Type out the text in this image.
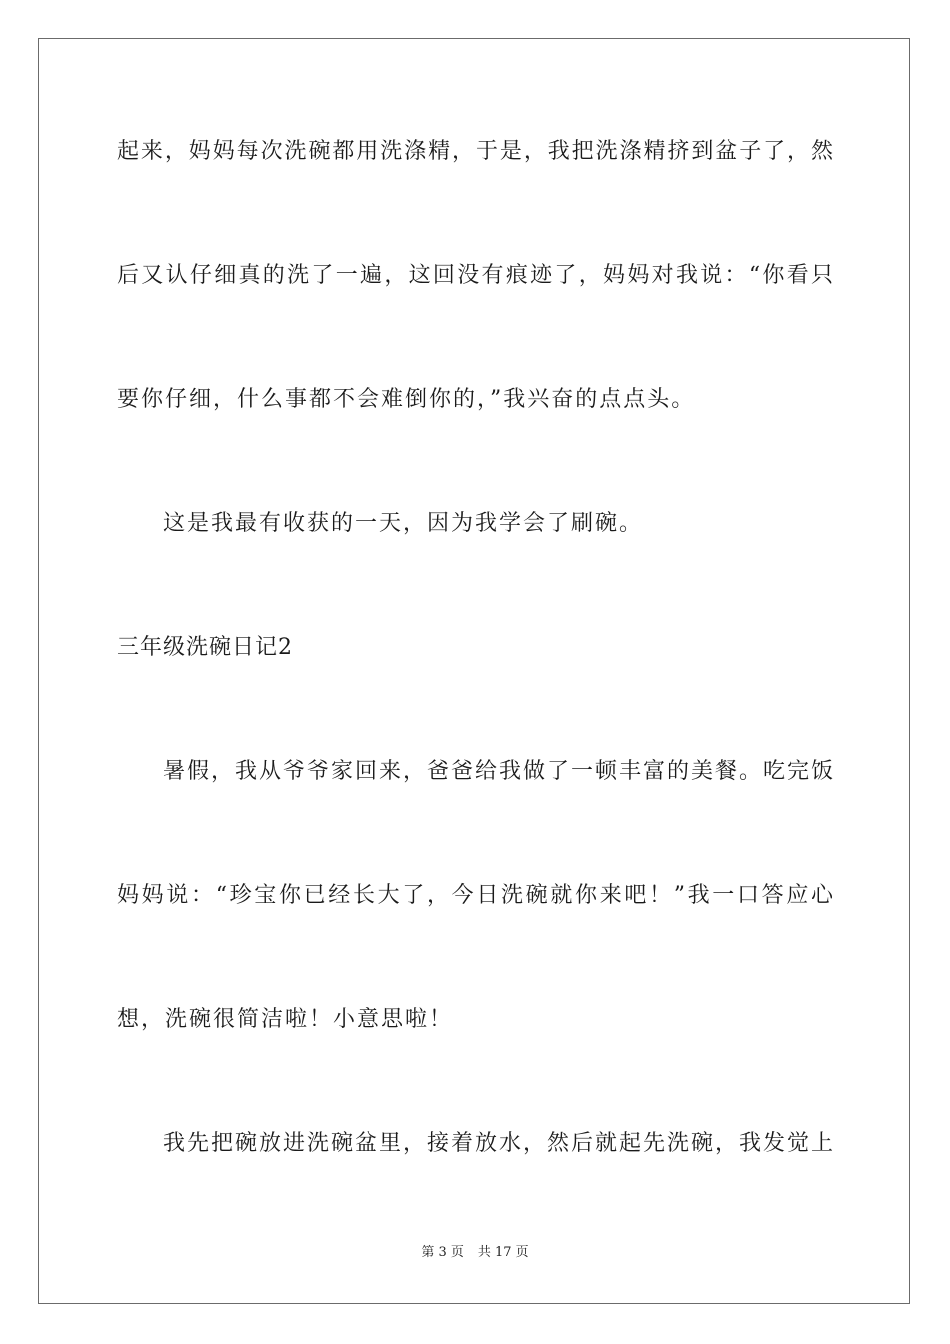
起来，妈妈每次洗碗都用洗涤精，于是，我把洗涤精挤到盆子了，然
后又认仔细真的洗了一遍，这回没有痕迹了，妈妈对我说：“你看只
要你仔细，什么事都不会难倒你的，”我兴奋的点点头。
这是我最有收获的一天，因为我学会了刷碗。
三年级洗碗日记2
暑假，我从爷爷家回来，爸爸给我做了一顿丰富的美餐。吃完饭
妈妈说：“珍宝你已经长大了，今日洗碗就你来吧！”我一口答应心
想，洗碗很简洁啦！小意思啦！
我先把碗放进洗碗盆里，接着放水，然后就起先洗碗，我发觉上
第 3 页 共 17 页
